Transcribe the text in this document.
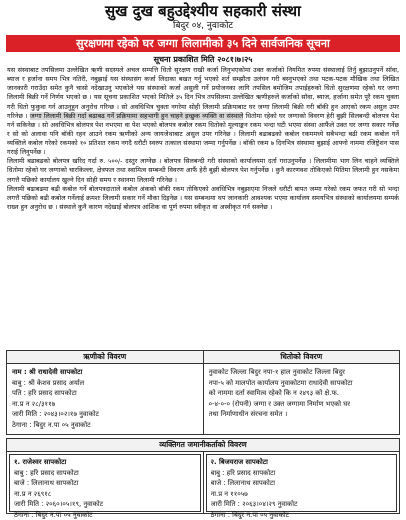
सुख दुख बहुउद्देश्यीय सहकारी संस्था
बिदुर ०४, नुवाकोट
सुरक्षणमा रहेको घर जग्गा लिलामीको ३५ दिने सार्वजनिक सूचना
सूचना प्रकाशित मिति २०८१।७।२५

यस संस्थाबाट तपसिलमा उल्लेखित ऋणी सदस्यले अचल सम्पत्ति धितो सुरक्षण राखी कर्जा लिनुभएकोमा उक्त कर्जाको नियमित रुपमा संस्थालाई तिर्नु बुझाउनुपर्ने सॉवा, ब्याज र हर्जाना समय भित्र नतिरी, नबुझाई यस संस्थासंग कर्जा लिदाका बखत गर्नु भएको शर्त सम्झौता उलंघन गरी बस्नुभएको तथा पटक-पटक मौखिक तथा लिखित जानकारी गराउँदा समेत कुनै चासो नदेखाउनु भएकोले यस संस्थाको कर्जा असुली गर्ने प्रयोजनका लागि तपसिल बमोजिम तपाईहरुको धितो सुरक्षणमा रहेको घर जग्गा लिलामी बिक्री गर्ने निर्णय भएको छ । यस सूचना प्रकाशित भएको मितिले ३५ दिन भित्र तपसिलमा उल्लेखित ऋणीहरुले कर्जाको सॉवा, ब्याज, हर्जाना समेत पूरै रकम चुक्ता गरी धितो फुकुवा गर्न आउनुहुन अनुरोध गरिन्छ । सो अवधिभित्र चुक्ता नगरेमा सोही लिलामी प्रक्रियाबाट घर जग्गा लिलामी बिक्री गरी बॉकी हुन आएको रकम असुल उपर गरिनेछ । जग्गा लिलामी बिक्री गर्दा बढाबढ गर्ने प्रक्रियामा सहभागी हुन चाहने इच्छुक व्यक्ति वा संस्थाले धितोमा रहेको घर जग्गाको विवरण हेरी बुझी सिलबन्दी बोलपत्र पेश गर्न सकिनेछ । सो अवधिभित्र बोलपत्र पेश नभएमा वा पेश भएको बोलपत्र कबोल रकम धितोको मूल्याङ्कन रकम भन्दा घटी भएमा संस्था आफैंले उक्त घर जग्गा सकार गर्नेछ र सो को अलावा पनि बॉकी रहन आउने रकम ऋणीको अन्य जायजेथाबाट असुल उपर गरिनेछ । लिलामी बढाबढको कबोल रकममध्ये सबैभन्दा बढी रकम कबोल गर्ने व्यक्तिले कबोल गरेको रकमको १० प्रतिशत रकम नगदै धरौटी स्वरुप तत्काल संस्थामा जम्मा गर्नुपर्नेछ । बॉकी रकम ७ दिनभित्र संस्थामा बुझाई आफ्नो नाममा रजिष्ट्रेशन पास गराई लिनुपर्नेछ ।

लिलामी बढाबढको बोलपत्र खरिद गर्दा रु. ५००/- दस्तुर लाग्नेछ । बोलपत्र सिलबन्दी गरी संस्थाको कार्यालयमा दर्ता गराउनुपर्नेछ । लिलामीमा भाग लिन चाहने व्यक्तिले धितोमा रहेको घर जग्गाको चारकिल्ला, क्षेत्रफल तथा स्वामित्व सम्बन्धी विवरण आफैं हेरी बुझी बोलपत्र पेश गर्नुपर्नेछ । कुनै कारणवश तोकिएको मितिमा लिलामी हुन नसकेमा लगत्तै पछिको कार्यालय खुल्ने दिन सोही समय र स्थानमा लिलामी गरिनेछ ।

लिलामी बढाबढमा बढी कबोल गर्ने बोलपत्रदाताले कबोल अंकको बॉकी रकम तोकिएको अवधिभित्र नबुझाएमा निजले धरौटी बापत जम्मा गरेको रकम जफत गरी सो भन्दा लगत्तै पछिको बढी कबोल गर्नेलाई क्रमशः लिलामी सकार गर्ने मौका दिइनेछ । यस सम्बन्धमा थप जानकारी आवश्यक भएमा कार्यालय समयभित्र संस्थाको कार्यालयमा सम्पर्क राख्न हुन अनुरोध छ । संस्थाले कुनै कारण नदेखाई बोलपत्र आंशिक वा पूर्ण रुपमा स्वीकृत वा अस्वीकृत गर्न सक्नेछ ।

ऋणीको विवरण	धितोको विवरण
नाम : श्री राधादेवी सापकोटा
बाबु : श्री केशव प्रसाद अर्याल
पति : हरि प्रसाद सापकोटा
ना.प्र न २८/३११७
जारी मिति : २०४३।०२।१७ नुवाकोट
ठेगाना : बिदुर न.पा ०५ नुवाकोट
नुवाकोट जिल्ला बिदुर नपा-१ हाल नुवाकोट जिल्ला बिदुर
नपा-५ को मालपोत कार्यालय नुवाकोटमा राधादेवी सापकोटा
को नाममा दर्ता स्वामित्व रहेको कि न २४९३ को क्षे.फ.
०-४-०-० (रोपनी) जग्गा र उक्त जग्गामा निर्माण भएको घर
तथा निर्माणाधीन संरचना समेत ।
व्यक्तिगत जमानीकर्ताको विवरण
१. राजेश्वर सापकोटा
बाबु : हरि प्रसाद सापकोटा
बाजे : लिलानाथ सापकोटा
ना.प्र न २६९१८
जारी मिति : २०६०।०५।१९, नुवाकोट
ठेगाना : बिदुर न.पा ०५ नुवाकोट
२. बिजयराज सापकोटा
बाबु : हरि प्रसाद सापकोटा
बाजे : लिलानाथ सापकोटा
ना.प्र न ११०५७
जारी मिति : २०६३।०४।२९ नुवाकोट
ठेगाना : बिदुर न.पा ०५ नुवाकोट
